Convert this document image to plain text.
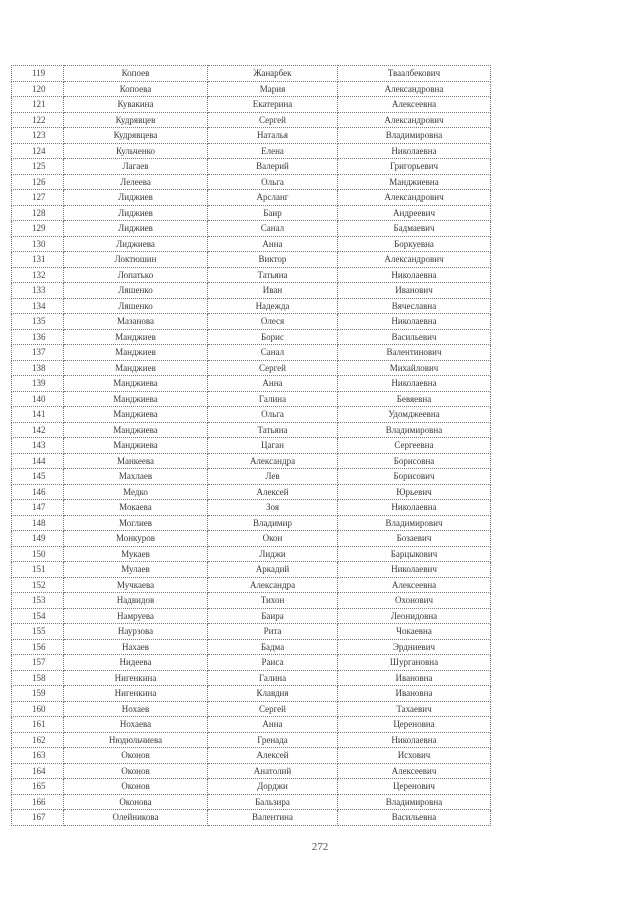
119	Копоев	Жанарбек	Тваалбекович
120	Копоева	Мария	Александровна
121	Кувакина	Екатерина	Алексеевна
122	Кудрявцев	Сергей	Александрович
123	Кудрявцева	Наталья	Владимировна
124	Кульченко	Елена	Николаевна
125	Лагаев	Валерий	Григорьевич
126	Лелеева	Ольга	Манджиевна
127	Лиджиев	Арсланг	Александрович
128	Лиджиев	Баир	Андреевич
129	Лиджиев	Санал	Бадмаевич
130	Лиджиева	Анна	Боркуевна
131	Локтюшин	Виктор	Александрович
132	Лопатько	Татьяна	Николаевна
133	Ляшенко	Иван	Иванович
134	Ляшенко	Надежда	Вячеславна
135	Мазанова	Олеся	Николаевна
136	Манджиев	Борис	Васильевич
137	Манджиев	Санал	Валентинович
138	Манджиев	Сергей	Михайлович
139	Манджиева	Анна	Николаевна
140	Манджиева	Галина	Бевяевна
141	Манджиева	Ольга	Удомджеевна
142	Манджиева	Татьяна	Владимировна
143	Манджиева	Цаган	Сергеевна
144	Манкеева	Александра	Борисовна
145	Махлаев	Лев	Борисович
146	Медко	Алексей	Юрьевич
147	Мокаева	Зоя	Николаевна
148	Моглиев	Владимир	Владимирович
149	Монкуров	Окон	Бозаевич
150	Мукаев	Лиджи	Барцыкович
151	Мулаев	Аркадий	Николаевич
152	Мучкаева	Александра	Алексеевна
153	Надвидов	Тихон	Охонович
154	Намруева	Баира	Леонидовна
155	Наурзова	Рита	Чокаевна
156	Нахаев	Бадма	Эрдниевич
157	Нидеева	Раиса	Шургановна
158	Нигенкина	Галина	Ивановна
159	Нигенкина	Клавдия	Ивановна
160	Нохаев	Сергей	Тахаевич
161	Нохаева	Анна	Цереновна
162	Нюдюльчиева	Гренада	Николаевна
163	Оконов	Алексей	Исхович
164	Оконов	Анатолий	Алексеевич
165	Оконов	Дорджи	Церенович
166	Оконова	Бальзира	Владимировна
167	Олейникова	Валентина	Васильевна
272
